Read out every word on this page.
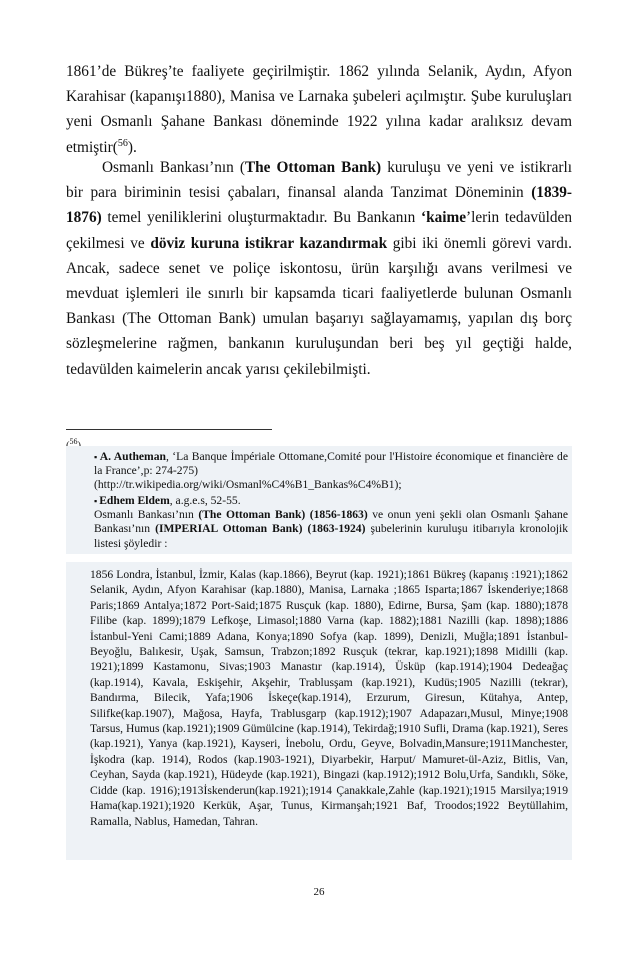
1861’de Bükreş’te faaliyete geçirilmiştir. 1862 yılında Selanik, Aydın, Afyon Karahisar (kapanışı1880), Manisa ve Larnaka şubeleri açılmıştır. Şube kuruluşları yeni Osmanlı Şahane Bankası döneminde 1922 yılına kadar aralıksız devam etmiştir($^{56}$).
Osmanlı Bankası’nın (The Ottoman Bank) kuruluşu ve yeni ve istikrarlı bir para biriminin tesisi çabaları, finansal alanda Tanzimat Döneminin (1839-1876) temel yeniliklerini oluşturmaktadır. Bu Bankanın ‘kaime’lerin tedavülden çekilmesi ve döviz kuruna istikrar kazandırmak gibi iki önemli görevi vardı. Ancak, sadece senet ve poliçe iskontosu, ürün karşılığı avans verilmesi ve mevduat işlemleri ile sınırlı bir kapsamda ticari faaliyetlerde bulunan Osmanlı Bankası (The Ottoman Bank) umulan başarıyı sağlayamamış, yapılan dış borç sözleşmelerine rağmen, bankanın kuruluşundan beri beş yıl geçtiği halde, tedavülden kaimelerin ancak yarısı çekilebilmişti.
$^{56}$
▪ A. Autheman, ‘La Banque İmpériale Ottomane,Comité pour l'Histoire économique et financière de la France’,p: 274-275)
(http://tr.wikipedia.org/wiki/Osmanl%C4%B1_Bankas%C4%B1);
▪ Edhem Eldem, a.g.e.s, 52-55.
Osmanlı Bankası’nın (The Ottoman Bank) (1856-1863) ve onun yeni şekli olan Osmanlı Şahane Bankası’nın (IMPERIAL Ottoman Bank) (1863-1924) şubelerinin kuruluşu itibarıyla kronolojik listesi şöyledir :
1856 Londra, İstanbul, İzmir, Kalas (kap.1866), Beyrut (kap. 1921);1861 Bükreş (kapanış :1921);1862 Selanik, Aydın, Afyon Karahisar (kap.1880), Manisa, Larnaka ;1865 Isparta;1867 İskenderiye;1868 Paris;1869 Antalya;1872 Port-Said;1875 Rusçuk (kap. 1880), Edirne, Bursa, Şam (kap. 1880);1878 Filibe (kap. 1899);1879 Lefkoşe, Limasol;1880 Varna (kap. 1882);1881 Nazilli (kap. 1898);1886 İstanbul-Yeni Cami;1889 Adana, Konya;1890 Sofya (kap. 1899), Denizli, Muğla;1891 İstanbul-Beyoğlu, Balıkesir, Uşak, Samsun, Trabzon;1892 Rusçuk (tekrar, kap.1921);1898 Midilli (kap. 1921);1899 Kastamonu, Sivas;1903 Manastır (kap.1914), Üsküp (kap.1914);1904 Dedeağaç (kap.1914), Kavala, Eskişehir, Akşehir, Trablusşam (kap.1921), Kudüs;1905 Nazilli (tekrar), Bandırma, Bilecik, Yafa;1906 İskeçe(kap.1914), Erzurum, Giresun, Kütahya, Antep, Silifke(kap.1907), Mağosa, Hayfa, Trablusgarp (kap.1912);1907 Adapazarı,Musul, Minye;1908 Tarsus, Humus (kap.1921);1909 Gümülcine (kap.1914), Tekirdağ;1910 Sufli, Drama (kap.1921), Seres (kap.1921), Yanya (kap.1921), Kayseri, İnebolu, Ordu, Geyve, Bolvadin,Mansure;1911Manchester, İşkodra (kap. 1914), Rodos (kap.1903-1921), Diyarbekir, Harput/ Mamuret-ül-Aziz, Bitlis, Van, Ceyhan, Sayda (kap.1921), Hüdeyde (kap.1921), Bingazi (kap.1912);1912 Bolu,Urfa, Sandıklı, Söke, Cidde (kap. 1916);1913İskenderun(kap.1921);1914 Çanakkale,Zahle (kap.1921);1915 Marsilya;1919 Hama(kap.1921);1920 Kerkük, Aşar, Tunus, Kirmanşah;1921 Baf, Troodos;1922 Beytüllahim, Ramalla, Nablus, Hamedan, Tahran.
26
